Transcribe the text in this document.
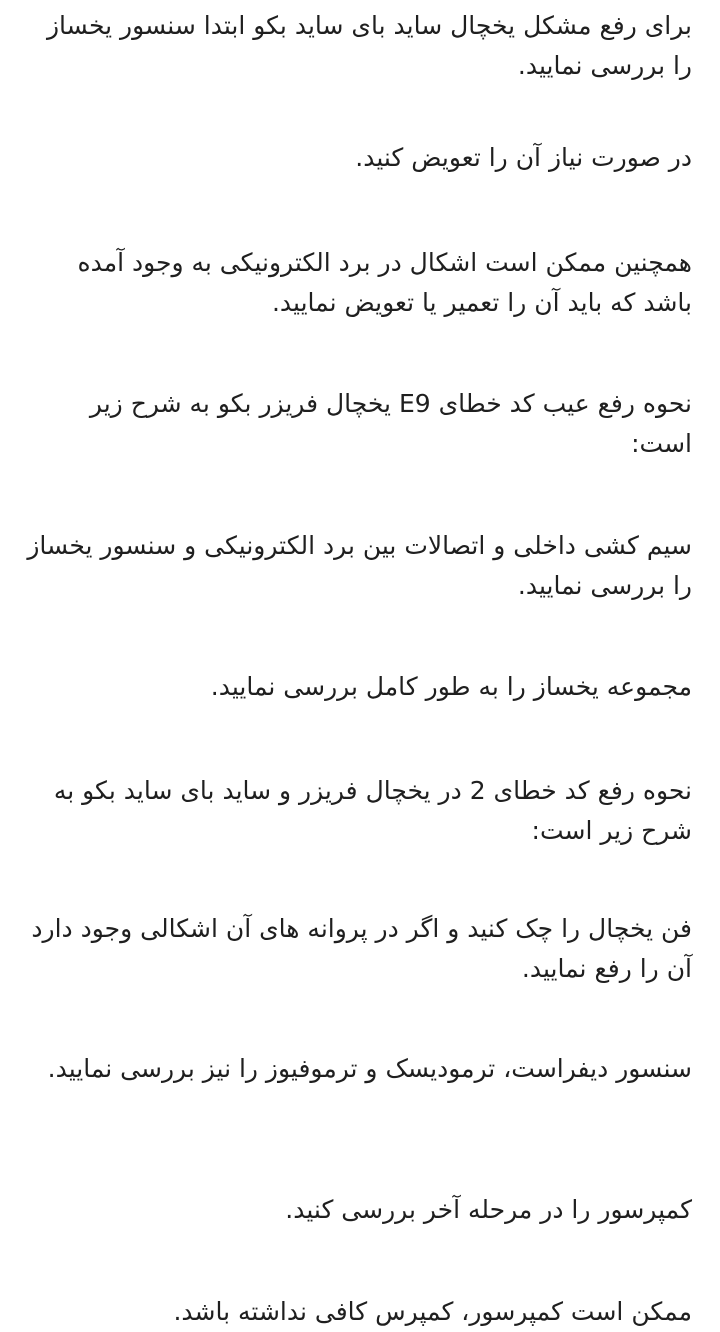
برای رفع مشکل یخچال ساید بای ساید بکو ابتدا سنسور یخساز را بررسی نمایید.

در صورت نیاز آن را تعویض کنید.

همچنین ممکن است اشکال در برد الکترونیکی به وجود آمده باشد که باید آن را تعمیر یا تعویض نمایید.

نحوه رفع عیب کد خطای E9 یخچال فریزر بکو به شرح زیر است:

سیم کشی داخلی و اتصالات بین برد الکترونیکی و سنسور یخساز را بررسی نمایید.

مجموعه یخساز را به طور کامل بررسی نمایید.

نحوه رفع کد خطای 2 در یخچال فریزر و ساید بای ساید بکو به شرح زیر است:

فن یخچال را چک کنید و اگر در پروانه های آن اشکالی وجود دارد آن را رفع نمایید.

سنسور دیفراست، ترموديسک و ترموفیوز را نیز بررسی نمایید.

کمپرسور را در مرحله آخر بررسی کنید.

ممکن است کمپرسور، کمپرس کافی نداشته باشد.
